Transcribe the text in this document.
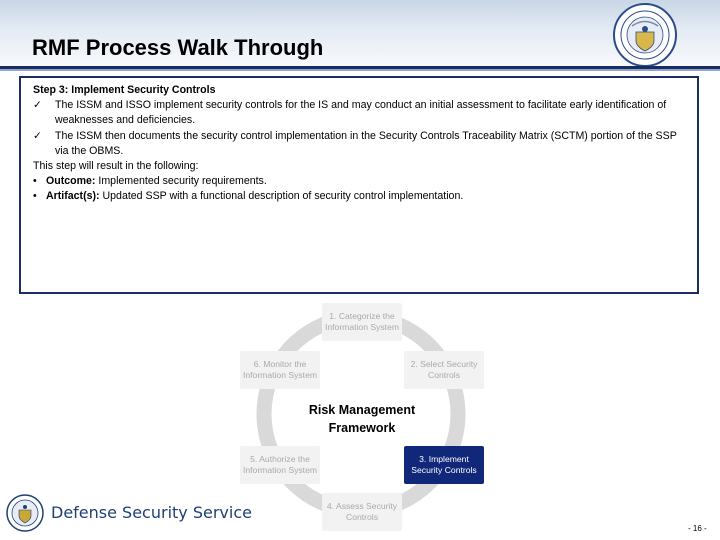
RMF Process Walk Through

Step 3: Implement Security Controls

✓ The ISSM and ISSO implement security controls for the IS and may conduct an initial assessment to facilitate early identification of weaknesses and deficiencies.

✓ The ISSM then documents the security control implementation in the Security Controls Traceability Matrix (SCTM) portion of the SSP via the OBMS.

This step will result in the following:

• Outcome: Implemented security requirements.

• Artifact(s): Updated SSP with a functional description of security control implementation.

1. Categorize the Information System
2. Select Security Controls
3. Implement Security Controls
4. Assess Security Controls
5. Authorize the Information System
6. Monitor the Information System
Risk Management
Framework
Defense Security Service
- 16 -
